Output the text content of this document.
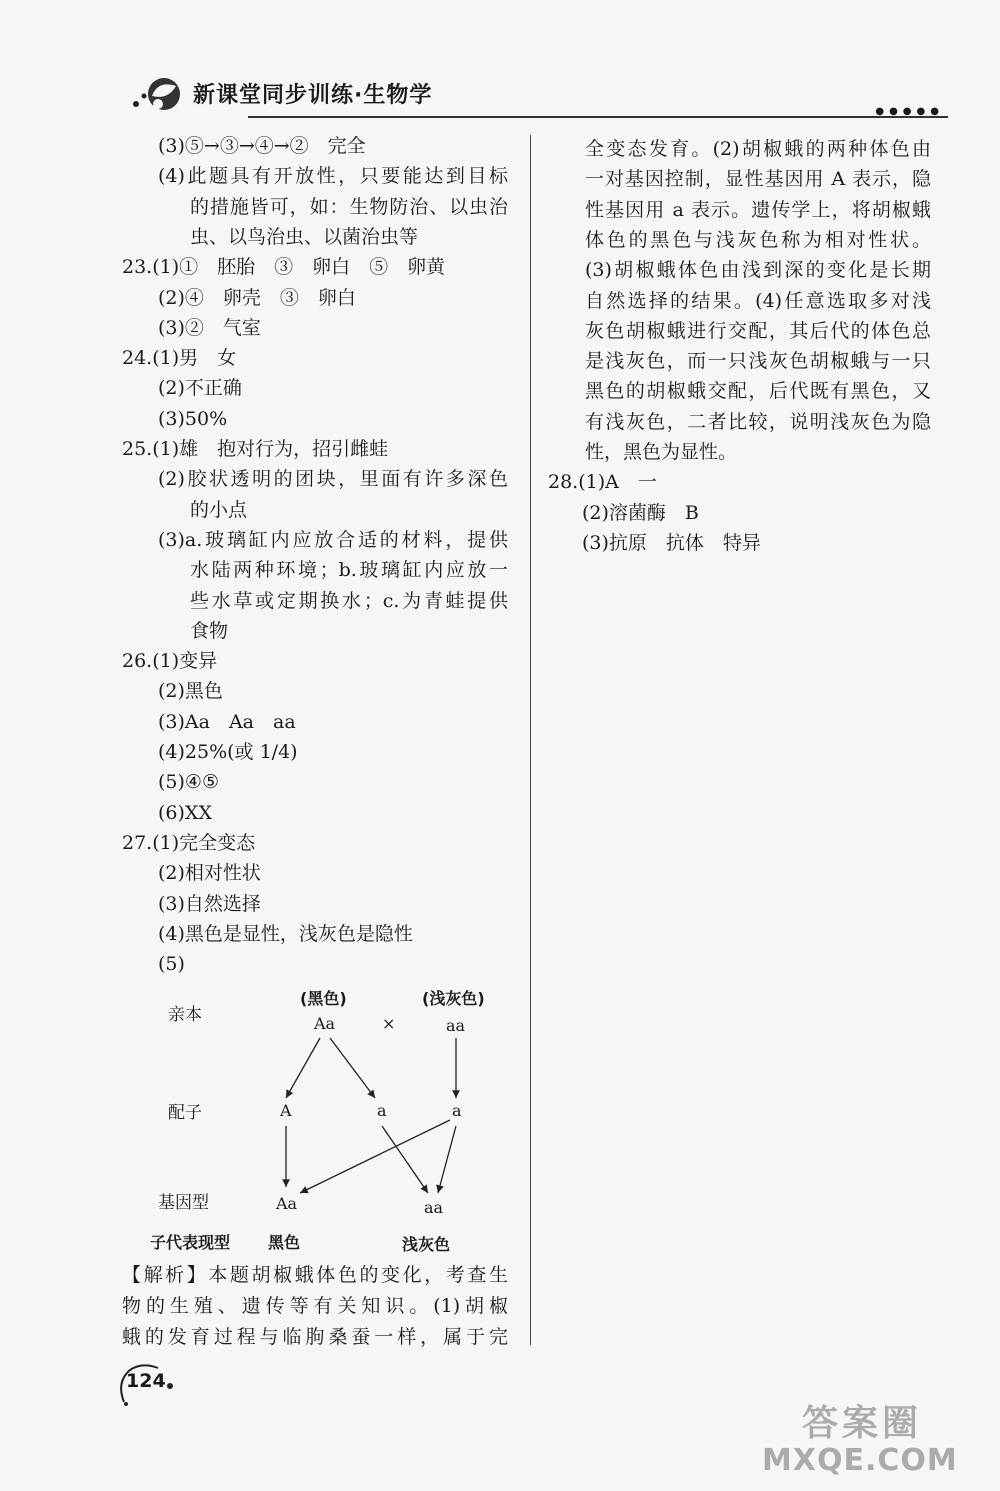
新课堂同步训练·生物学
●●●●●
(3)⑤→③→④→②　完全
(4)此题具有开放性，只要能达到目标
的措施皆可，如：生物防治、以虫治
虫、以鸟治虫、以菌治虫等
23.(1)①　胚胎　③　卵白　⑤　卵黄
(2)④　卵壳　③　卵白
(3)②　气室
24.(1)男　女
(2)不正确
(3)50%
25.(1)雄　抱对行为，招引雌蛙
(2)胶状透明的团块，里面有许多深色
的小点
(3)a.玻璃缸内应放合适的材料，提供
水陆两种环境；b.玻璃缸内应放一
些水草或定期换水；c.为青蛙提供
食物
26.(1)变异
(2)黑色
(3)Aa　Aa　aa
(4)25%(或 1/4)
(5)④⑤
(6)XX
27.(1)完全变态
(2)相对性状
(3)自然选择
(4)黑色是显性，浅灰色是隐性
(5)
亲本
配子
基因型
(黑色)	(浅灰色)
Aa	×	aa
A	a	a
Aa	aa
子代表现型 黑色	浅灰色
【解析】本题胡椒蛾体色的变化，考查生
物的生殖、遗传等有关知识。(1)胡椒
蛾的发育过程与临朐桑蚕一样，属于完
全变态发育。(2)胡椒蛾的两种体色由
一对基因控制，显性基因用 A 表示，隐
性基因用 a 表示。遗传学上，将胡椒蛾
体色的黑色与浅灰色称为相对性状。
(3)胡椒蛾体色由浅到深的变化是长期
自然选择的结果。(4)任意选取多对浅
灰色胡椒蛾进行交配，其后代的体色总
是浅灰色，而一只浅灰色胡椒蛾与一只
黑色的胡椒蛾交配，后代既有黑色，又
有浅灰色，二者比较，说明浅灰色为隐
性，黑色为显性。
28.(1)A　一
(2)溶菌酶　B
(3)抗原　抗体　特异
124
答案圈
MXQE.COM
